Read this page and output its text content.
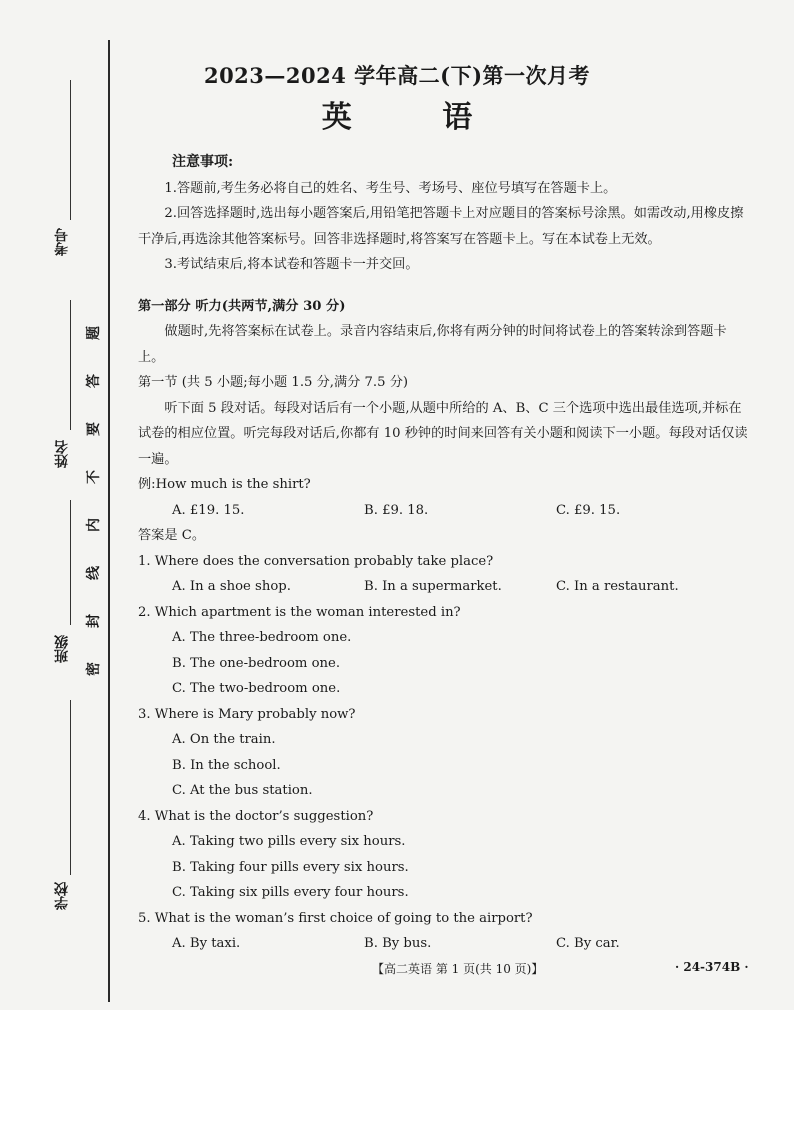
考号
姓名
班级
学校
题
答
要
不
内
线
封
密
2023—2024 学年高二(下)第一次月考
英 语
注意事项:
1.答题前,考生务必将自己的姓名、考生号、考场号、座位号填写在答题卡上。
2.回答选择题时,选出每小题答案后,用铅笔把答题卡上对应题目的答案标号涂黑。如需改动,用橡皮擦干净后,再选涂其他答案标号。回答非选择题时,将答案写在答题卡上。写在本试卷上无效。
3.考试结束后,将本试卷和答题卡一并交回。
第一部分 听力(共两节,满分 30 分)
做题时,先将答案标在试卷上。录音内容结束后,你将有两分钟的时间将试卷上的答案转涂到答题卡上。
第一节 (共 5 小题;每小题 1.5 分,满分 7.5 分)
听下面 5 段对话。每段对话后有一个小题,从题中所给的 A、B、C 三个选项中选出最佳选项,并标在试卷的相应位置。听完每段对话后,你都有 10 秒钟的时间来回答有关小题和阅读下一小题。每段对话仅读一遍。
例:How much is the shirt?
A. £19. 15.	B. £9. 18.	C. £9. 15.
答案是 C。
1. Where does the conversation probably take place?
A. In a shoe shop.	B. In a supermarket.	C. In a restaurant.
2. Which apartment is the woman interested in?
A. The three-bedroom one.
B. The one-bedroom one.
C. The two-bedroom one.
3. Where is Mary probably now?
A. On the train.
B. In the school.
C. At the bus station.
4. What is the doctor’s suggestion?
A. Taking two pills every six hours.
B. Taking four pills every six hours.
C. Taking six pills every four hours.
5. What is the woman’s first choice of going to the airport?
A. By taxi.	B. By bus.	C. By car.
【高二英语 第 1 页(共 10 页)】	· 24-374B ·
